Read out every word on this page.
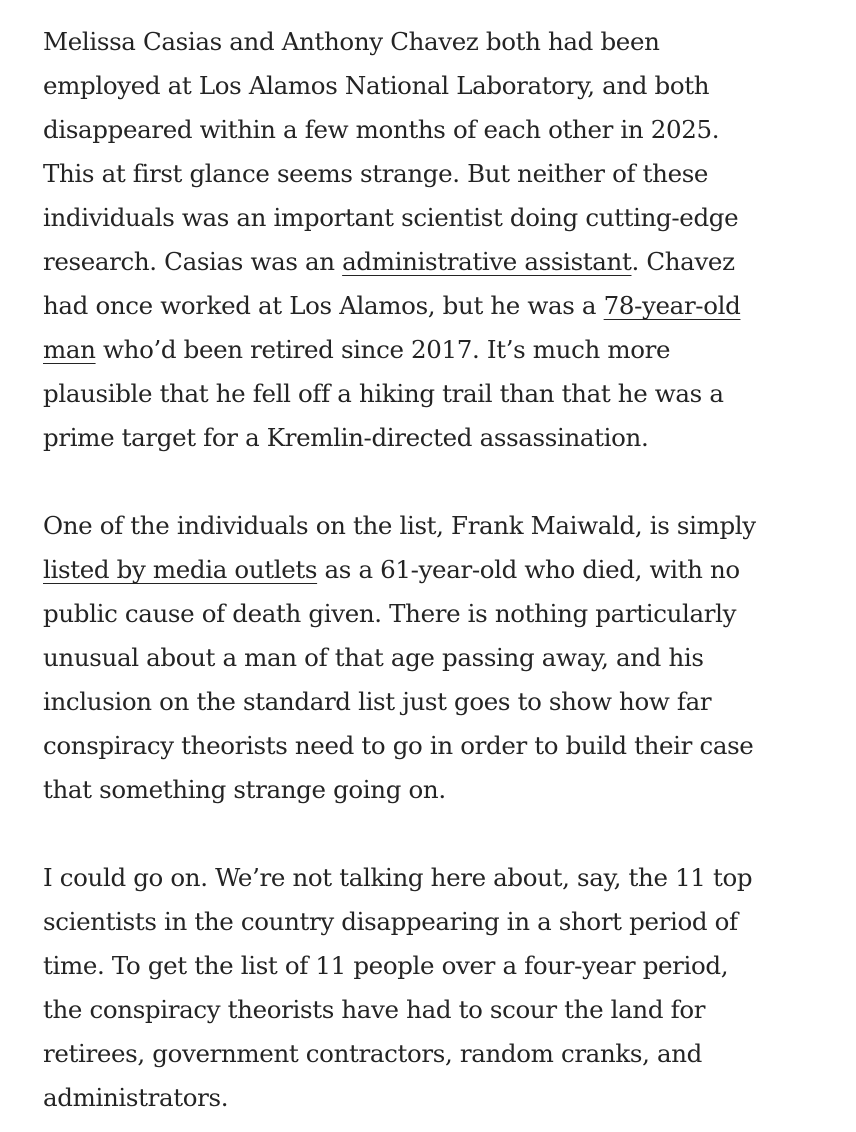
Melissa Casias and Anthony Chavez both had been employed at Los Alamos National Laboratory, and both disappeared within a few months of each other in 2025. This at first glance seems strange. But neither of these individuals was an important scientist doing cutting-edge research. Casias was an administrative assistant. Chavez had once worked at Los Alamos, but he was a 78-year-old man who’d been retired since 2017. It’s much more plausible that he fell off a hiking trail than that he was a prime target for a Kremlin-directed assassination.

One of the individuals on the list, Frank Maiwald, is simply listed by media outlets as a 61-year-old who died, with no public cause of death given. There is nothing particularly unusual about a man of that age passing away, and his inclusion on the standard list just goes to show how far conspiracy theorists need to go in order to build their case that something strange going on.

I could go on. We’re not talking here about, say, the 11 top scientists in the country disappearing in a short period of time. To get the list of 11 people over a four-year period, the conspiracy theorists have had to scour the land for retirees, government contractors, random cranks, and administrators.
